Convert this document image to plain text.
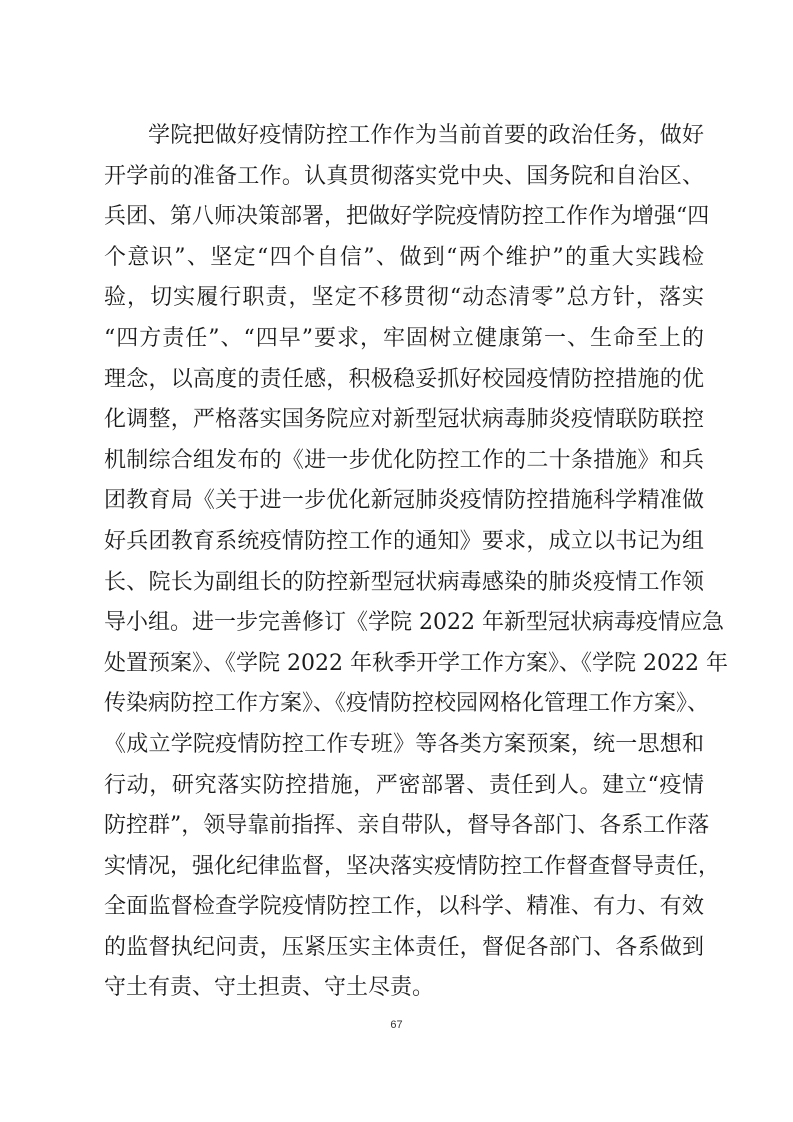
学院把做好疫情防控工作作为当前首要的政治任务，做好
开学前的准备工作。认真贯彻落实党中央、国务院和自治区、
兵团、第八师决策部署，把做好学院疫情防控工作作为增强“四
个意识”、坚定“四个自信”、做到“两个维护”的重大实践检
验，切实履行职责，坚定不移贯彻“动态清零”总方针，落实
“四方责任”、“四早”要求，牢固树立健康第一、生命至上的
理念，以高度的责任感，积极稳妥抓好校园疫情防控措施的优
化调整，严格落实国务院应对新型冠状病毒肺炎疫情联防联控
机制综合组发布的《进一步优化防控工作的二十条措施》和兵
团教育局《关于进一步优化新冠肺炎疫情防控措施科学精准做
好兵团教育系统疫情防控工作的通知》要求，成立以书记为组
长、院长为副组长的防控新型冠状病毒感染的肺炎疫情工作领
导小组。进一步完善修订《学院 2022 年新型冠状病毒疫情应急
处置预案》、《学院 2022 年秋季开学工作方案》、《学院 2022 年
传染病防控工作方案》、《疫情防控校园网格化管理工作方案》、
《成立学院疫情防控工作专班》等各类方案预案，统一思想和
行动，研究落实防控措施，严密部署、责任到人。建立“疫情
防控群”，领导靠前指挥、亲自带队，督导各部门、各系工作落
实情况，强化纪律监督，坚决落实疫情防控工作督查督导责任，
全面监督检查学院疫情防控工作，以科学、精准、有力、有效
的监督执纪问责，压紧压实主体责任，督促各部门、各系做到
守土有责、守土担责、守土尽责。

67
